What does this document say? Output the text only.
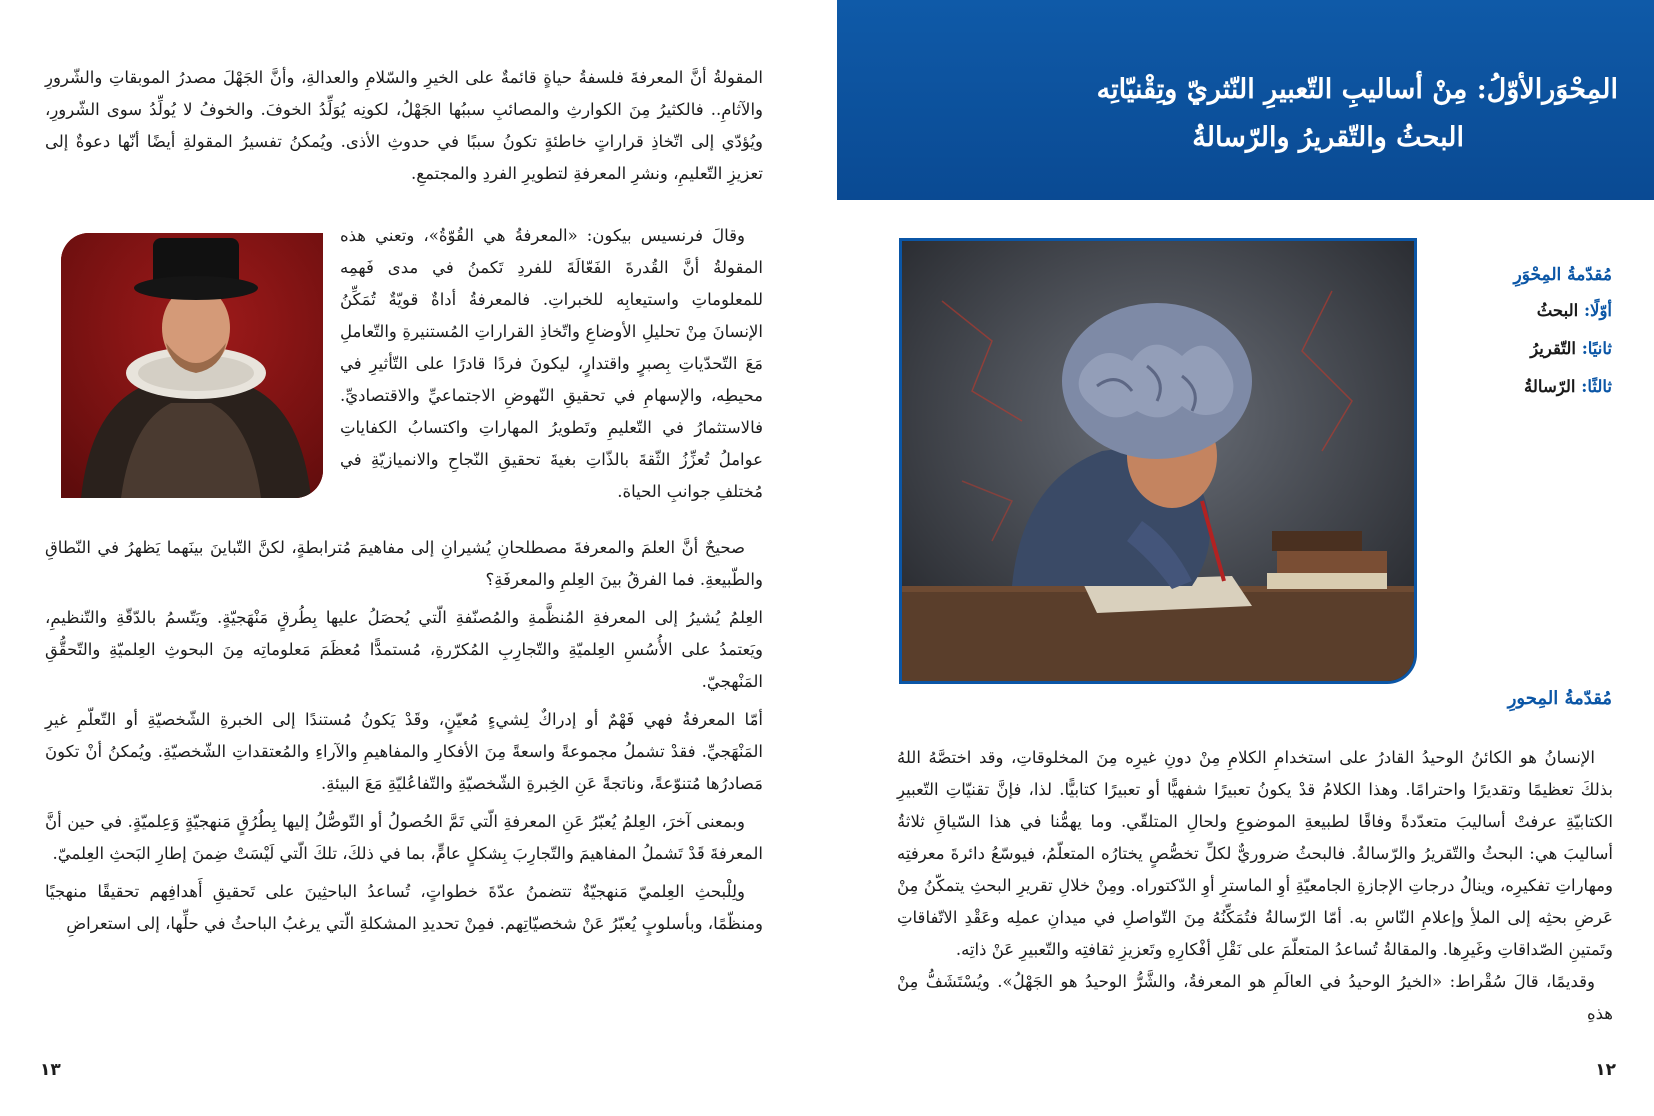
المقولةُ أنَّ المعرفةَ فلسفةُ حياةٍ قائمةٌ على الخيرِ والسّلامِ والعدالةِ، وأنَّ الجَهْلَ مصدرُ الموبقاتِ والشّرورِ والآثامِ.. فالكثيرُ مِنَ الكوارثِ والمصائبِ سببُها الجَهْلُ، لكونِه يُوَلِّدُ الخوفَ. والخوفُ لا يُولِّدُ سوى الشّرورِ، ويُؤدّي إلى اتّخاذِ قراراتٍ خاطئةٍ تكونُ سببًا في حدوثِ الأذى. ويُمكنُ تفسيرُ المقولةِ أيضًا أنّها دعوةٌ إلى تعزيزِ التّعليمِ، ونشرِ المعرفةِ لتطويرِ الفردِ والمجتمعِ.

وقالَ فرنسيس بيكون: «المعرفةُ هي القُوّةُ»، وتعني هذه المقولةُ أنَّ القُدرةَ الفَعّالَةَ للفردِ تَكمنُ في مدى فَهمِه للمعلوماتِ واستيعابِه للخبراتِ. فالمعرفةُ أداةٌ قويّةٌ تُمَكِّنُ الإنسانَ مِنْ تحليلِ الأوضاعِ واتّخاذِ القراراتِ المُستنيرةِ والتّعاملِ مَعَ التّحدّياتِ بِصبرٍ واقتدارٍ، ليكونَ فردًا قادرًا على التّأثيرِ في محيطِه، والإسهامِ في تحقيقِ النّهوضِ الاجتماعيِّ والاقتصاديِّ. فالاستثمارُ في التّعليمِ وتَطويرُ المهاراتِ واكتسابُ الكفاياتِ عواملُ تُعزِّزُ الثّقةَ بالذّاتِ بغيةَ تحقيقِ النّجاحِ والانميازيّةِ في مُختلفِ جوانبِ الحياة.

صحيحٌ أنَّ العلمَ والمعرفةَ مصطلحانِ يُشيرانِ إلى مفاهيمَ مُترابطةٍ، لكنَّ التّباينَ بينَهما يَظهرُ في النّطاقِ والطّبيعةِ. فما الفرقُ بينَ العِلمِ والمعرفَةِ؟

العِلمُ يُشيرُ إلى المعرفةِ المُنظَّمةِ والمُصنّفةِ الّتي يُحصَلُ عليها بِطُرقٍ مَنْهَجيّةٍ. ويَتّسمُ بالدّقّةِ والتّنظيمِ، ويَعتمدُ على الأُسُسِ العِلميّةِ والتّجارِبِ المُكرّرةِ، مُستمدًّا مُعظَمَ مَعلوماتِه مِنَ البحوثِ العِلميّةِ والتّحقُّقِ المَنْهجيّ.

أمّا المعرفةُ فهي فَهْمٌ أو إدراكٌ لِشيءٍ مُعيّنٍ، وقَدْ يَكونُ مُستندًا إلى الخبرةِ الشّخصيّةِ أو التّعلّمِ غيرِ المَنْهَجيِّ. فقدْ تشملُ مجموعةً واسعةً مِنَ الأفكارِ والمفاهيمِ والآراءِ والمُعتقداتِ الشّخصيّةِ. ويُمكنُ أنْ تكونَ مَصادرُها مُتنوّعةً، وناتجةً عَنِ الخِبرةِ الشّخصيّةِ والتّفاعُليّةِ مَعَ البيئةِ.

وبمعنى آخرَ، العِلمُ يُعبّرُ عَنِ المعرفةِ الّتي تَمَّ الحُصولُ أو التّوصُّلُ إليها بِطُرُقٍ مَنهجيّةٍ وَعِلميّةٍ. في حين أنَّ المعرفةَ قَدْ تَشملُ المفاهيمَ والتّجارِبَ بِشكلٍ عامٍّ، بما في ذلكَ، تلكَ الّتي لَيْسَتْ ضِمنَ إطارِ البَحثِ العِلميّ.

ولِلْبحثِ العِلميّ مَنهجيّةٌ تتضمنُ عدّةَ خطواتٍ، تُساعدُ الباحثِينَ على تَحقيقِ أَهدافِهم تحقيقًا منهجيًا ومنظّمًا، وبأسلوبٍ يُعبّرُ عَنْ شخصيّاتِهم. فمِنْ تحديدِ المشكلةِ الّتي يرغبُ الباحثُ في حلِّها، إلى استعراضِ

١٣
المِحْوَرالأوّلُ: مِنْ أساليبِ التّعبيرِ النّثريّ وتِقْنيّاتِه
البحثُ والتّقريرُ والرّسالةُ
مُقدّمةُ المِحْوَرِ
أوّلًا: البحثُ
ثانيًا: التّقريرُ
ثالثًا: الرّسالةُ
مُقدّمةُ المِحورِ

الإنسانُ هو الكائنُ الوحيدُ القادرُ على استخدامِ الكلامِ مِنْ دونِ غيرِه مِنَ المخلوقاتِ، وقد اختصَّهُ اللهُ بذلكَ تعظيمًا وتقديرًا واحترامًا. وهذا الكلامُ قدْ يكونُ تعبيرًا شفهيًّا أو تعبيرًا كتابيًّا. لذا، فإنَّ تقنيّاتِ التّعبيرِ الكتابيّةِ عرفتْ أساليبَ متعدّدةً وفاقًا لطبيعةِ الموضوعِ ولحالِ المتلقّي. وما يهمُّنا في هذا السّياقِ ثلاثةُ أساليبَ هي: البحثُ والتّقريرُ والرّسالةُ. فالبحثُ ضروريٌّ لكلِّ تخصُّصٍ يختارُه المتعلّمُ، فيوسّعُ دائرةَ معرفتِه ومهاراتِ تفكيرِه، وينالُ درجاتِ الإجازةِ الجامعيّةِ أوِ الماسترِ أوِ الدّكتوراه. ومِنْ خلالِ تقريرِ البحثِ يتمكّنُ مِنْ عَرضِ بحثِه إلى الملأِ وإعلامِ النّاسِ به. أمّا الرّسالةُ فتُمَكِّنُهُ مِنَ التّواصلِ في ميدانِ عملِه وعَقْدِ الاتّفاقاتِ وتَمتينِ الصّداقاتِ وغَيرِها. والمقالةُ تُساعدُ المتعلّمَ على نَقْلِ أفْكارِهِ وتَعزيزِ ثقافتِه والتّعبيرِ عَنْ ذاتِه.

وقديمًا، قالَ سُقْراط: «الخيرُ الوحيدُ في العالَمِ هو المعرفةُ، والشَّرُّ الوحيدُ هو الجَهْلُ». ويُسْتَشَفُّ مِنْ هذهِ

١٢
